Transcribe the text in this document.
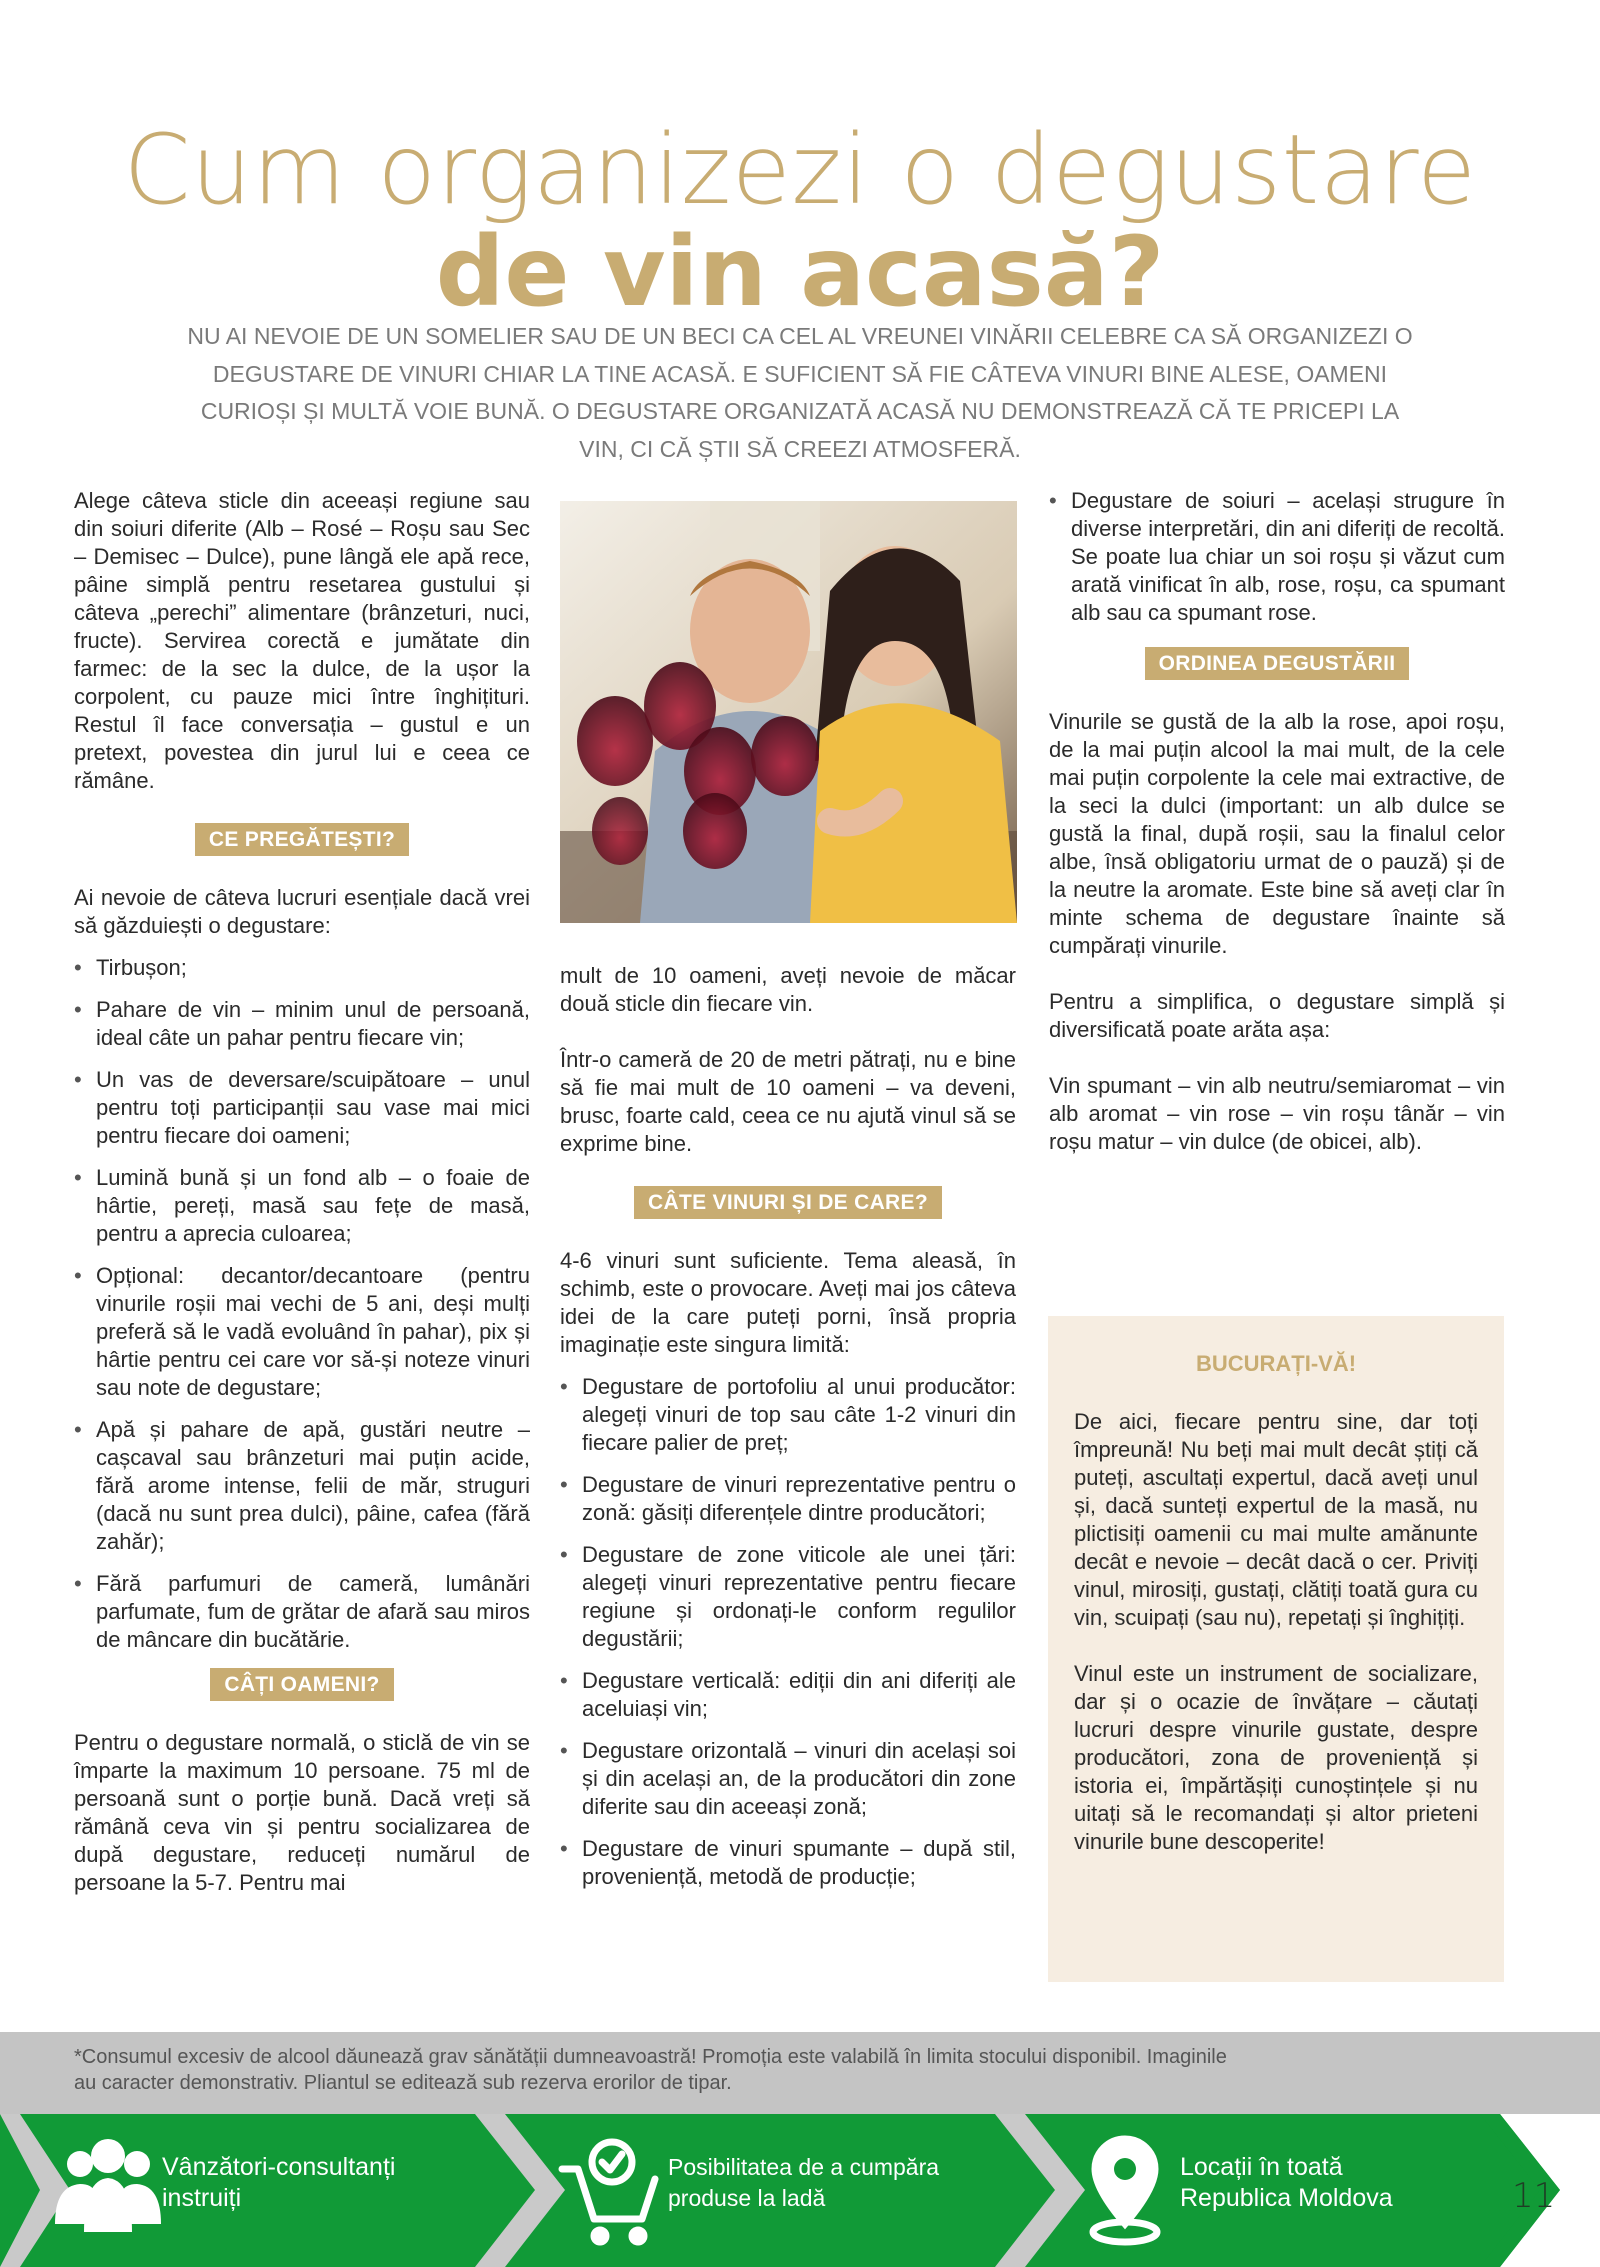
Cum organizezi o degustare
de vin acasă?
NU AI NEVOIE DE UN SOMELIER SAU DE UN BECI CA CEL AL VREUNEI VINĂRII CELEBRE CA SĂ ORGANIZEZI O DEGUSTARE DE VINURI CHIAR LA TINE ACASĂ. E SUFICIENT SĂ FIE CÂTEVA VINURI BINE ALESE, OAMENI CURIOȘI ȘI MULTĂ VOIE BUNĂ. O DEGUSTARE ORGANIZATĂ ACASĂ NU DEMONSTREAZĂ CĂ TE PRICEPI LA VIN, CI CĂ ȘTII SĂ CREEZI ATMOSFERĂ.

Alege câteva sticle din aceeași regiune sau din soiuri diferite (Alb – Rosé – Roșu sau Sec – Demisec – Dulce), pune lângă ele apă rece, pâine simplă pentru resetarea gustului și câteva „perechi” alimentare (brânzeturi, nuci, fructe). Servirea corectă e jumătate din farmec: de la sec la dulce, de la ușor la corpolent, cu pauze mici între înghițituri. Restul îl face conversația – gustul e un pretext, povestea din jurul lui e ceea ce rămâne.

CE PREGĂTEȘTI?

Ai nevoie de câteva lucruri esențiale dacă vrei să găzduiești o degustare:

• Tirbușon;
• Pahare de vin – minim unul de persoană, ideal câte un pahar pentru fiecare vin;
• Un vas de deversare/scuipătoare – unul pentru toți participanții sau vase mai mici pentru fiecare doi oameni;
• Lumină bună și un fond alb – o foaie de hârtie, pereți, masă sau fețe de masă, pentru a aprecia culoarea;
• Opțional: decantor/decantoare (pentru vinurile roșii mai vechi de 5 ani, deși mulți preferă să le vadă evoluând în pahar), pix și hârtie pentru cei care vor să-și noteze vinuri sau note de degustare;
• Apă și pahare de apă, gustări neutre – cașcaval sau brânzeturi mai puțin acide, fără arome intense, felii de măr, struguri (dacă nu sunt prea dulci), pâine, cafea (fără zahăr);
• Fără parfumuri de cameră, lumânări parfumate, fum de grătar de afară sau miros de mâncare din bucătărie.
CÂȚI OAMENI?

Pentru o degustare normală, o sticlă de vin se împarte la maximum 10 persoane. 75 ml de persoană sunt o porție bună. Dacă vreți să rămână ceva vin și pentru socializarea de după degustare, reduceți numărul de persoane la 5-7. Pentru mai

mult de 10 oameni, aveți nevoie de măcar două sticle din fiecare vin.

Într-o cameră de 20 de metri pătrați, nu e bine să fie mai mult de 10 oameni – va deveni, brusc, foarte cald, ceea ce nu ajută vinul să se exprime bine.

CÂTE VINURI ȘI DE CARE?

4-6 vinuri sunt suficiente. Tema aleasă, în schimb, este o provocare. Aveți mai jos câteva idei de la care puteți porni, însă propria imaginație este singura limită:

• Degustare de portofoliu al unui producător: alegeți vinuri de top sau câte 1-2 vinuri din fiecare palier de preț;
• Degustare de vinuri reprezentative pentru o zonă: găsiți diferențele dintre producători;
• Degustare de zone viticole ale unei țări: alegeți vinuri reprezentative pentru fiecare regiune și ordonați-le conform regulilor degustării;
• Degustare verticală: ediții din ani diferiți ale aceluiași vin;
• Degustare orizontală – vinuri din același soi și din același an, de la producători din zone diferite sau din aceeași zonă;
• Degustare de vinuri spumante – după stil, proveniență, metodă de producție;
• Degustare de soiuri – același strugure în diverse interpretări, din ani diferiți de recoltă. Se poate lua chiar un soi roșu și văzut cum arată vinificat în alb, rose, roșu, ca spumant alb sau ca spumant rose.
ORDINEA DEGUSTĂRII

Vinurile se gustă de la alb la rose, apoi roșu, de la mai puțin alcool la mai mult, de la cele mai puțin corpolente la cele mai extractive, de la seci la dulci (important: un alb dulce se gustă la final, după roșii, sau la finalul celor albe, însă obligatoriu urmat de o pauză) și de la neutre la aromate. Este bine să aveți clar în minte schema de degustare înainte să cumpărați vinurile.

Pentru a simplifica, o degustare simplă și diversificată poate arăta așa:

Vin spumant – vin alb neutru/semiaromat – vin alb aromat – vin rose – vin roșu tânăr – vin roșu matur – vin dulce (de obicei, alb).

BUCURAȚI-VĂ!

De aici, fiecare pentru sine, dar toți împreună! Nu beți mai mult decât știți că puteți, ascultați expertul, dacă aveți unul și, dacă sunteți expertul de la masă, nu plictisiți oamenii cu mai multe amănunte decât e nevoie – decât dacă o cer. Priviți vinul, mirosiți, gustați, clătiți toată gura cu vin, scuipați (sau nu), repetați și înghițiți.

Vinul este un instrument de socializare, dar și o ocazie de învățare – căutați lucruri despre vinurile gustate, despre producători, zona de proveniență și istoria ei, împărtășiți cunoștințele și nu uitați să le recomandați și altor prieteni vinurile bune descoperite!

*Consumul excesiv de alcool dăunează grav sănătății dumneavoastră! Promoția este valabilă în limita stocului disponibil. Imaginile au caracter demonstrativ. Pliantul se editează sub rezerva erorilor de tipar.
Vânzători-consultanți instruiți
Posibilitatea de a cumpăra produse la ladă
Locații în toată Republica Moldova	11
